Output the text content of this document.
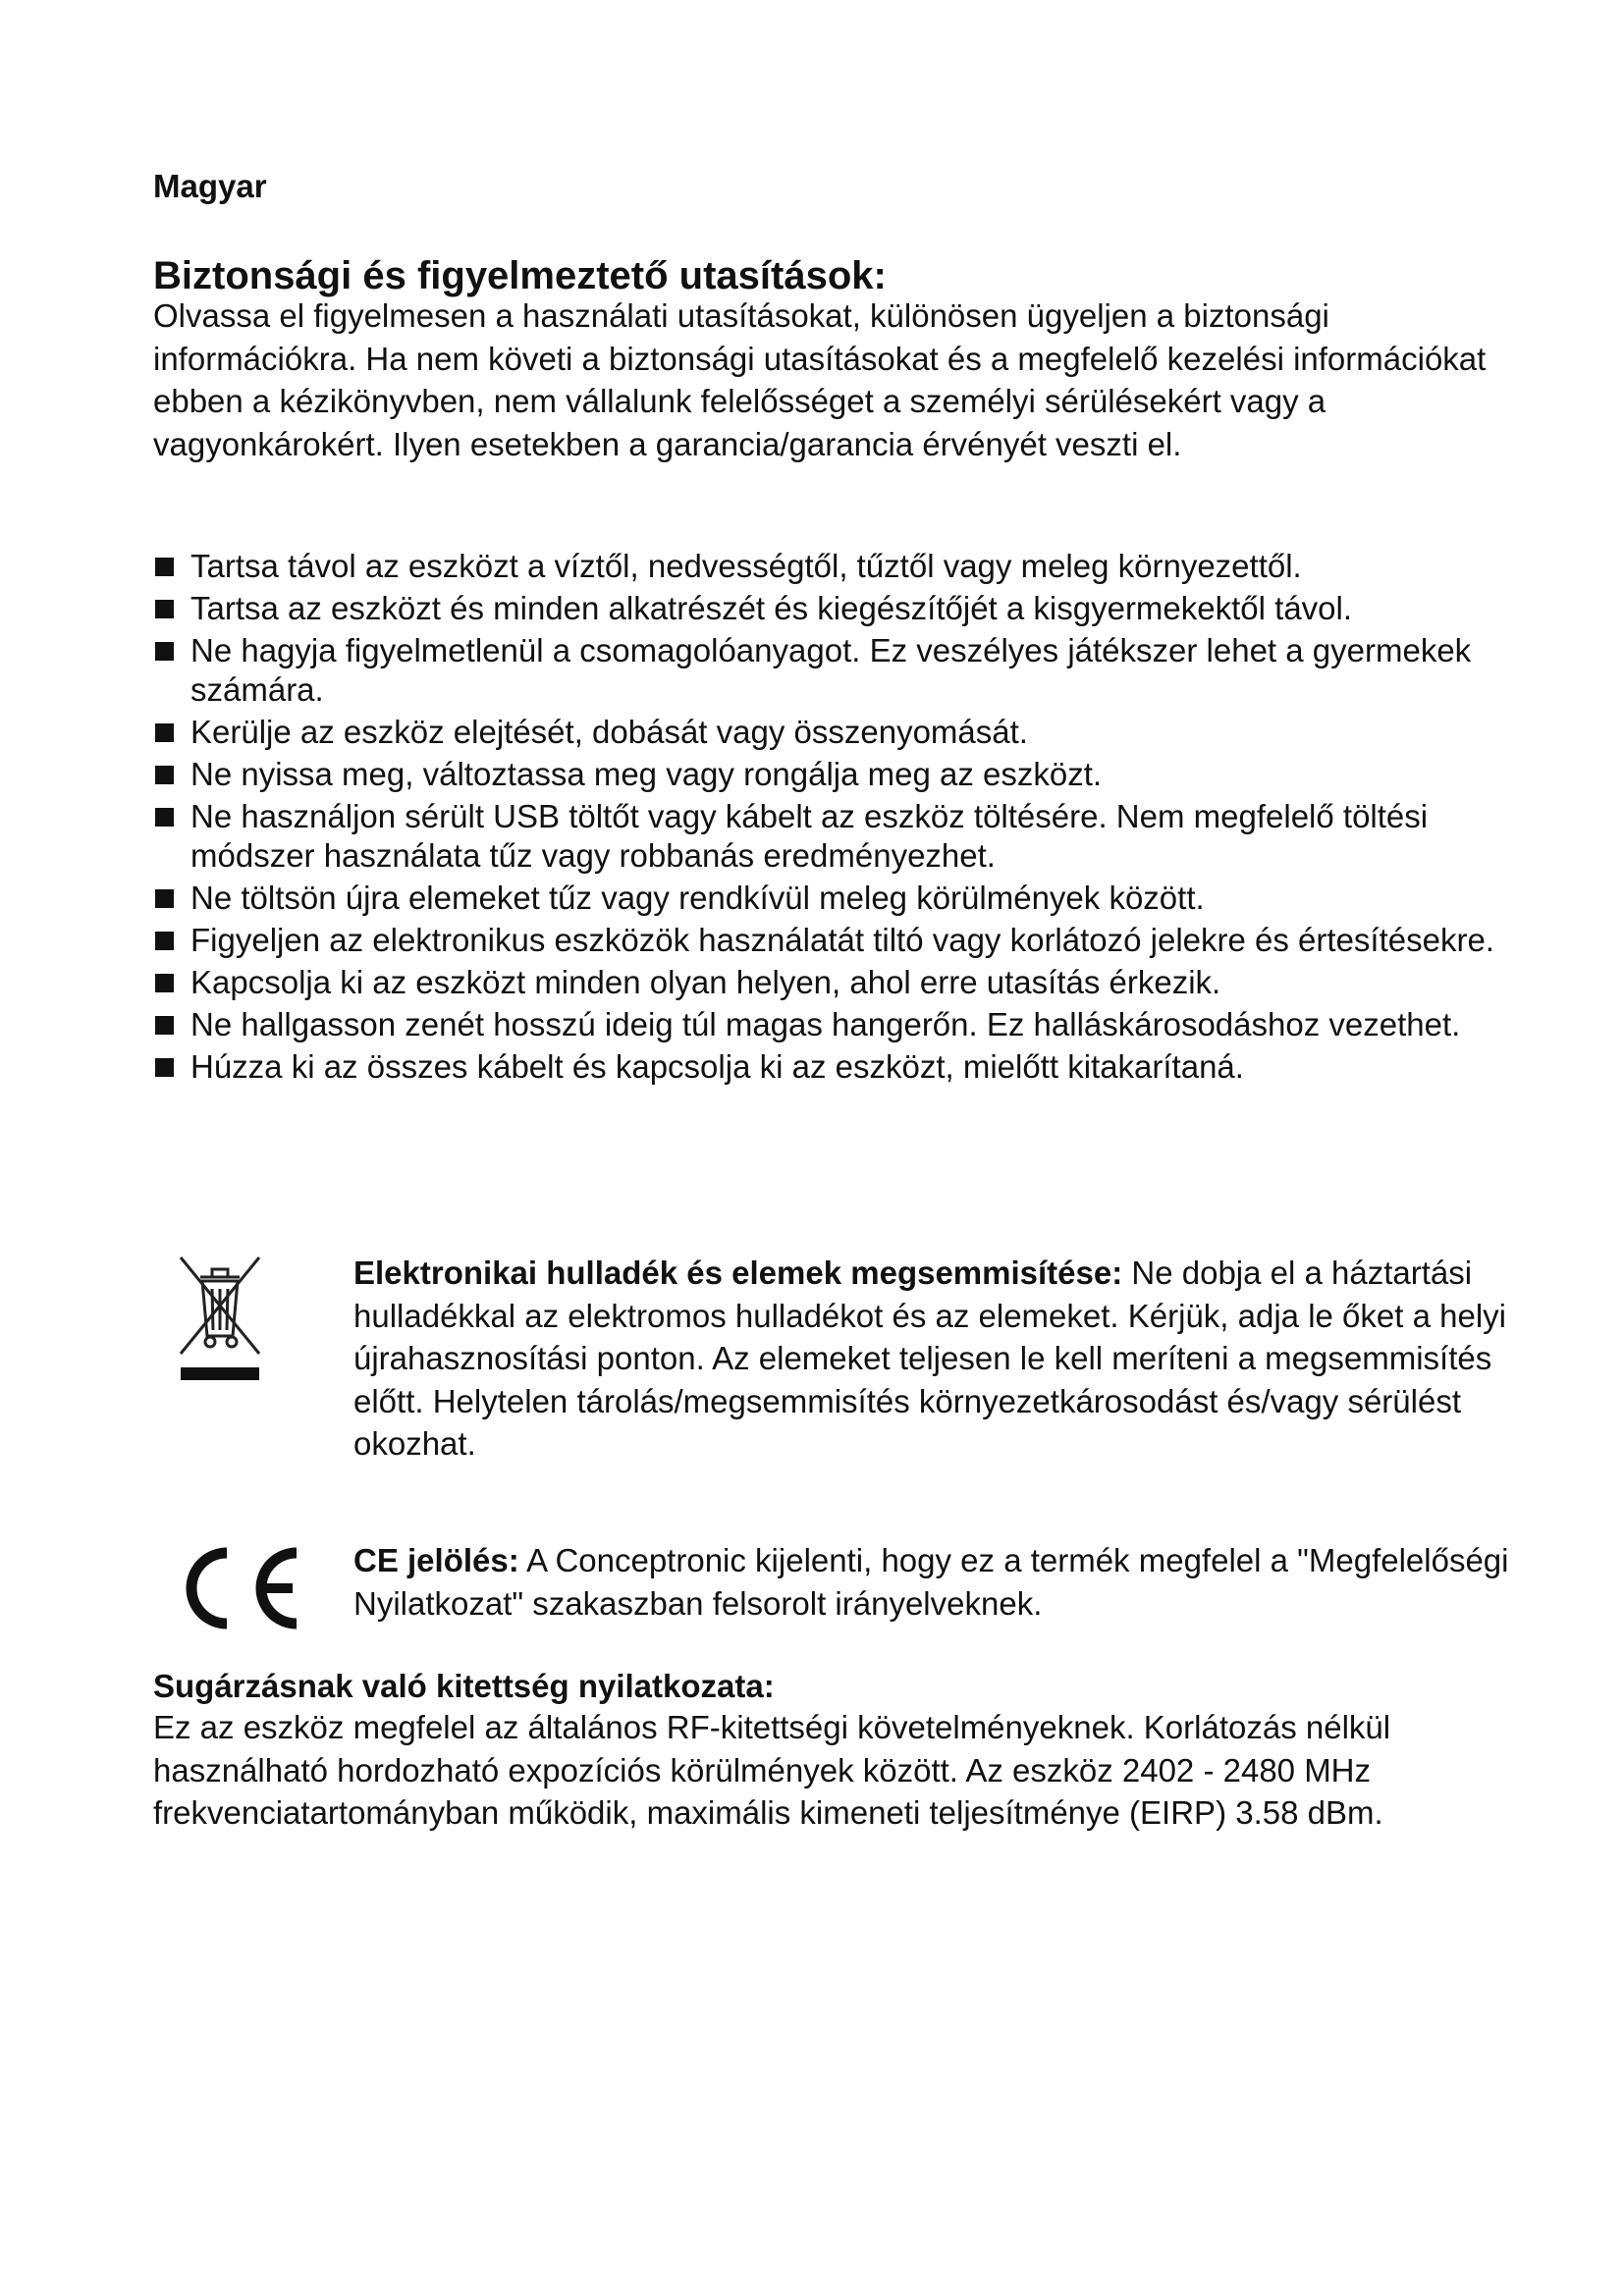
Magyar

Biztonsági és figyelmeztető utasítások:

Olvassa el figyelmesen a használati utasításokat, különösen ügyeljen a biztonsági információkra. Ha nem követi a biztonsági utasításokat és a megfelelő kezelési információkat ebben a kézikönyvben, nem vállalunk felelősséget a személyi sérülésekért vagy a vagyonkárokért. Ilyen esetekben a garancia/garancia érvényét veszti el.

Tartsa távol az eszközt a víztől, nedvességtől, tűztől vagy meleg környezettől.
Tartsa az eszközt és minden alkatrészét és kiegészítőjét a kisgyermekektől távol.
Ne hagyja figyelmetlenül a csomagolóanyagot. Ez veszélyes játékszer lehet a gyermekek számára.
Kerülje az eszköz elejtését, dobását vagy összenyomását.
Ne nyissa meg, változtassa meg vagy rongálja meg az eszközt.
Ne használjon sérült USB töltőt vagy kábelt az eszköz töltésére. Nem megfelelő töltési módszer használata tűz vagy robbanás eredményezhet.
Ne töltsön újra elemeket tűz vagy rendkívül meleg körülmények között.
Figyeljen az elektronikus eszközök használatát tiltó vagy korlátozó jelekre és értesítésekre.
Kapcsolja ki az eszközt minden olyan helyen, ahol erre utasítás érkezik.
Ne hallgasson zenét hosszú ideig túl magas hangerőn. Ez halláskárosodáshoz vezethet.
Húzza ki az összes kábelt és kapcsolja ki az eszközt, mielőtt kitakarítaná.

Elektronikai hulladék és elemek megsemmisítése: Ne dobja el a háztartási hulladékkal az elektromos hulladékot és az elemeket. Kérjük, adja le őket a helyi újrahasznosítási ponton. Az elemeket teljesen le kell meríteni a megsemmisítés előtt. Helytelen tárolás/megsemmisítés környezetkárosodást és/vagy sérülést okozhat.

CE jelölés: A Conceptronic kijelenti, hogy ez a termék megfelel a "Megfelelőségi Nyilatkozat" szakaszban felsorolt irányelveknek.

Sugárzásnak való kitettség nyilatkozata:

Ez az eszköz megfelel az általános RF-kitettségi követelményeknek. Korlátozás nélkül használható hordozható expozíciós körülmények között. Az eszköz 2402 - 2480 MHz frekvenciatartományban működik, maximális kimeneti teljesítménye (EIRP) 3.58 dBm.
